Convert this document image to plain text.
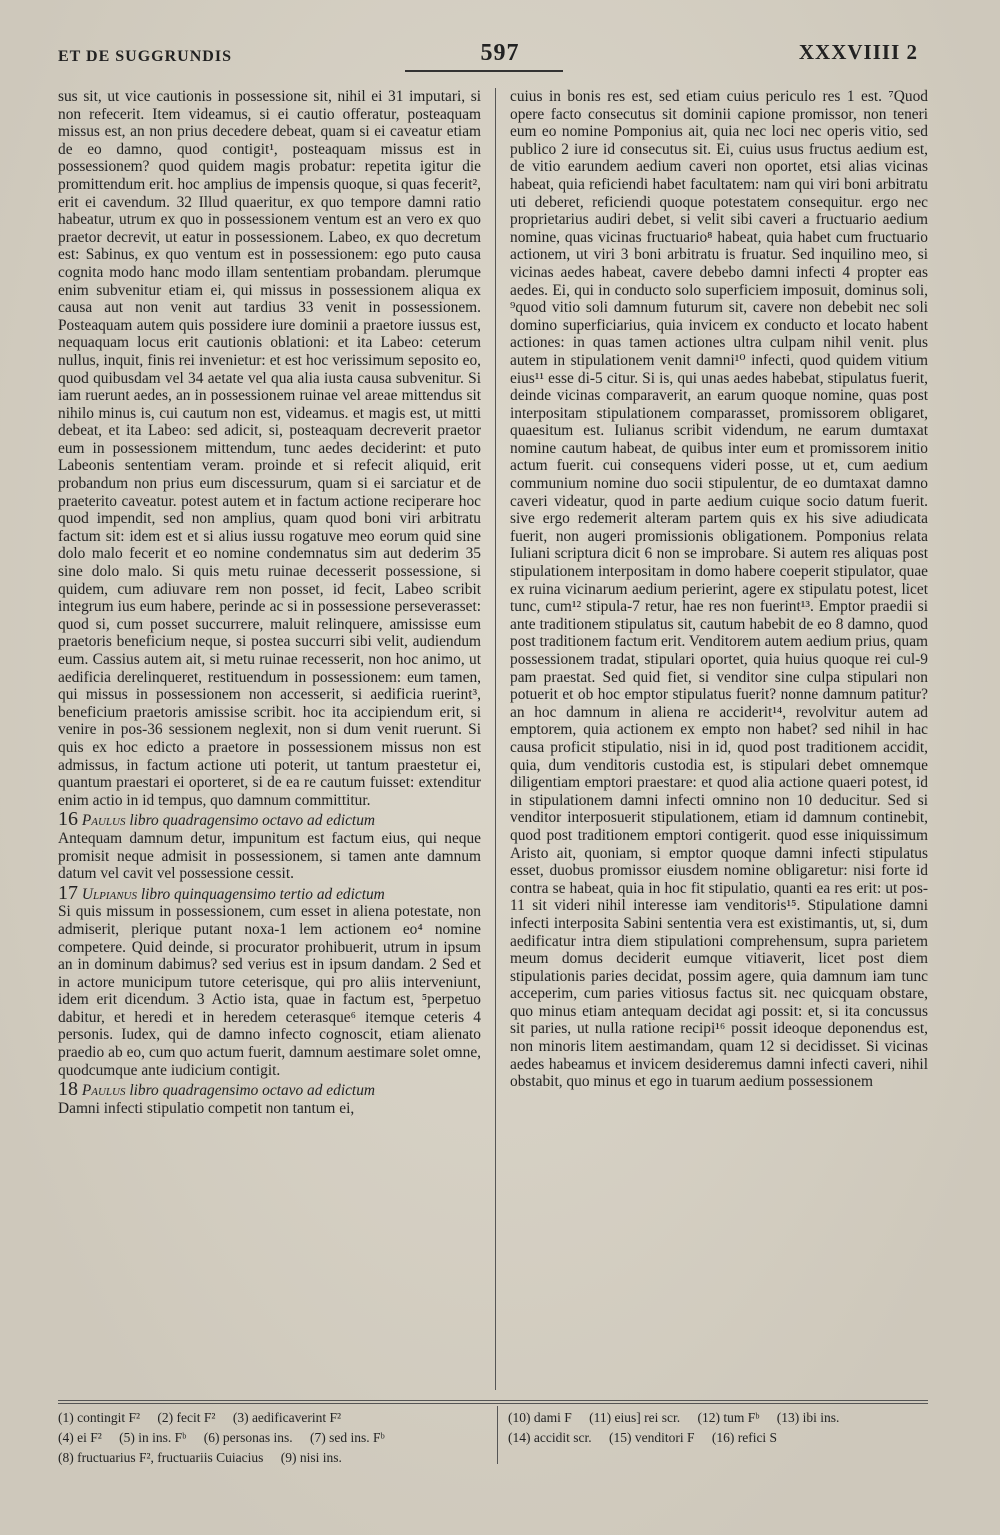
ET DE SUGGRUNDIS	597	XXXVIIII 2

sus sit, ut vice cautionis in possessione sit, nihil ei 31 imputari, si non refecerit. Item videamus, si ei cautio offeratur, posteaquam missus est, an non prius decedere debeat, quam si ei caveatur etiam de eo damno, quod contigit¹, posteaquam missus est in possessionem? quod quidem magis probatur: repetita igitur die promittendum erit. hoc amplius de impensis quoque, si quas fecerit², erit ei cavendum. 32 Illud quaeritur, ex quo tempore damni ratio habeatur, utrum ex quo in possessionem ventum est an vero ex quo praetor decrevit, ut eatur in possessionem. Labeo, ex quo decretum est: Sabinus, ex quo ventum est in possessionem: ego puto causa cognita modo hanc modo illam sententiam probandam. plerumque enim subvenitur etiam ei, qui missus in possessionem aliqua ex causa aut non venit aut tardius 33 venit in possessionem. Posteaquam autem quis possidere iure dominii a praetore iussus est, nequaquam locus erit cautionis oblationi: et ita Labeo: ceterum nullus, inquit, finis rei invenietur: et est hoc verissimum seposito eo, quod quibusdam vel 34 aetate vel qua alia iusta causa subvenitur. Si iam ruerunt aedes, an in possessionem ruinae vel areae mittendus sit nihilo minus is, cui cautum non est, videamus. et magis est, ut mitti debeat, et ita Labeo: sed adicit, si, posteaquam decreverit praetor eum in possessionem mittendum, tunc aedes deciderint: et puto Labeonis sententiam veram. proinde et si refecit aliquid, erit probandum non prius eum discessurum, quam si ei sarciatur et de praeterito caveatur. potest autem et in factum actione reciperare hoc quod impendit, sed non amplius, quam quod boni viri arbitratu factum sit: idem est et si alius iussu rogatuve meo eorum quid sine dolo malo fecerit et eo nomine condemnatus sim aut dederim 35 sine dolo malo. Si quis metu ruinae decesserit possessione, si quidem, cum adiuvare rem non posset, id fecit, Labeo scribit integrum ius eum habere, perinde ac si in possessione perseverasset: quod si, cum posset succurrere, maluit relinquere, amississe eum praetoris beneficium neque, si postea succurri sibi velit, audiendum eum. Cassius autem ait, si metu ruinae recesserit, non hoc animo, ut aedificia derelinqueret, restituendum in possessionem: eum tamen, qui missus in possessionem non accesserit, si aedificia ruerint³, beneficium praetoris amissise scribit. hoc ita accipiendum erit, si venire in pos-36 sessionem neglexit, non si dum venit ruerunt. Si quis ex hoc edicto a praetore in possessionem missus non est admissus, in factum actione uti poterit, ut tantum praestetur ei, quantum praestari ei oporteret, si de ea re cautum fuisset: extenditur enim actio in id tempus, quo damnum committitur.

16 Paulus libro quadragensimo octavo ad edictum

Antequam damnum detur, impunitum est factum eius, qui neque promisit neque admisit in possessionem, si tamen ante damnum datum vel cavit vel possessione cessit.

17 Ulpianus libro quinquagensimo tertio ad edictum

Si quis missum in possessionem, cum esset in aliena potestate, non admiserit, plerique putant noxa-1 lem actionem eo⁴ nomine competere. Quid deinde, si procurator prohibuerit, utrum in ipsum an in dominum dabimus? sed verius est in ipsum dandam. 2 Sed et in actore municipum tutore ceterisque, qui pro aliis interveniunt, idem erit dicendum. 3 Actio ista, quae in factum est, ⁵perpetuo dabitur, et heredi et in heredem ceterasque⁶ itemque ceteris 4 personis. Iudex, qui de damno infecto cognoscit, etiam alienato praedio ab eo, cum quo actum fuerit, damnum aestimare solet omne, quodcumque ante iudicium contigit.

18 Paulus libro quadragensimo octavo ad edictum

Damni infecti stipulatio competit non tantum ei,

cuius in bonis res est, sed etiam cuius periculo res 1 est. ⁷Quod opere facto consecutus sit dominii capione promissor, non teneri eum eo nomine Pomponius ait, quia nec loci nec operis vitio, sed publico 2 iure id consecutus sit. Ei, cuius usus fructus aedium est, de vitio earundem aedium caveri non oportet, etsi alias vicinas habeat, quia reficiendi habet facultatem: nam qui viri boni arbitratu uti deberet, reficiendi quoque potestatem consequitur. ergo nec proprietarius audiri debet, si velit sibi caveri a fructuario aedium nomine, quas vicinas fructuario⁸ habeat, quia habet cum fructuario actionem, ut viri 3 boni arbitratu is fruatur. Sed inquilino meo, si vicinas aedes habeat, cavere debebo damni infecti 4 propter eas aedes. Ei, qui in conducto solo superficiem imposuit, dominus soli, ⁹quod vitio soli damnum futurum sit, cavere non debebit nec soli domino superficiarius, quia invicem ex conducto et locato habent actiones: in quas tamen actiones ultra culpam nihil venit. plus autem in stipulationem venit damni¹⁰ infecti, quod quidem vitium eius¹¹ esse di-5 citur. Si is, qui unas aedes habebat, stipulatus fuerit, deinde vicinas comparaverit, an earum quoque nomine, quas post interpositam stipulationem comparasset, promissorem obligaret, quaesitum est. Iulianus scribit videndum, ne earum dumtaxat nomine cautum habeat, de quibus inter eum et promissorem initio actum fuerit. cui consequens videri posse, ut et, cum aedium communium nomine duo socii stipulentur, de eo dumtaxat damno caveri videatur, quod in parte aedium cuique socio datum fuerit. sive ergo redemerit alteram partem quis ex his sive adiudicata fuerit, non augeri promissionis obligationem. Pomponius relata Iuliani scriptura dicit 6 non se improbare. Si autem res aliquas post stipulationem interpositam in domo habere coeperit stipulator, quae ex ruina vicinarum aedium perierint, agere ex stipulatu potest, licet tunc, cum¹² stipula-7 retur, hae res non fuerint¹³. Emptor praedii si ante traditionem stipulatus sit, cautum habebit de eo 8 damno, quod post traditionem factum erit. Venditorem autem aedium prius, quam possessionem tradat, stipulari oportet, quia huius quoque rei cul-9 pam praestat. Sed quid fiet, si venditor sine culpa stipulari non potuerit et ob hoc emptor stipulatus fuerit? nonne damnum patitur? an hoc damnum in aliena re acciderit¹⁴, revolvitur autem ad emptorem, quia actionem ex empto non habet? sed nihil in hac causa proficit stipulatio, nisi in id, quod post traditionem accidit, quia, dum venditoris custodia est, is stipulari debet omnemque diligentiam emptori praestare: et quod alia actione quaeri potest, id in stipulationem damni infecti omnino non 10 deducitur. Sed si venditor interposuerit stipulationem, etiam id damnum continebit, quod post traditionem emptori contigerit. quod esse iniquissimum Aristo ait, quoniam, si emptor quoque damni infecti stipulatus esset, duobus promissor eiusdem nomine obligaretur: nisi forte id contra se habeat, quia in hoc fit stipulatio, quanti ea res erit: ut pos-11 sit videri nihil interesse iam venditoris¹⁵. Stipulatione damni infecti interposita Sabini sententia vera est existimantis, ut, si, dum aedificatur intra diem stipulationi comprehensum, supra parietem meum domus deciderit eumque vitiaverit, licet post diem stipulationis paries decidat, possim agere, quia damnum iam tunc acceperim, cum paries vitiosus factus sit. nec quicquam obstare, quo minus etiam antequam decidat agi possit: et, si ita concussus sit paries, ut nulla ratione recipi¹⁶ possit ideoque deponendus est, non minoris litem aestimandam, quam 12 si decidisset. Si vicinas aedes habeamus et invicem desideremus damni infecti caveri, nihil obstabit, quo minus et ego in tuarum aedium possessionem

(1) contingit F² (2) fecit F² (3) aedificaverint F²
(4) ei F² (5) in ins. Fᵇ (6) personas ins. (7) sed ins. Fᵇ
(8) fructuarius F², fructuariis Cuiacius (9) nisi ins.
(10) dami F (11) eius] rei scr. (12) tum Fᵇ (13) ibi ins.
(14) accidit scr. (15) venditori F (16) refici S
